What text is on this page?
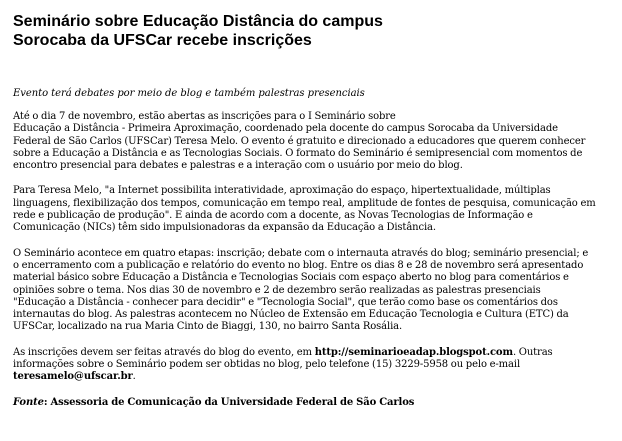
Seminário sobre Educação Distância do campus
Sorocaba da UFSCar recebe inscrições

Evento terá debates por meio de blog e também palestras presenciais

Até o dia 7 de novembro, estão abertas as inscrições para o I Seminário sobre
Educação a Distância - Primeira Aproximação, coordenado pela docente do campus Sorocaba da Universidade
Federal de São Carlos (UFSCar) Teresa Melo. O evento é gratuito e direcionado a educadores que querem conhecer
sobre a Educação a Distância e as Tecnologias Sociais. O formato do Seminário é semipresencial com momentos de
encontro presencial para debates e palestras e a interação com o usuário por meio do blog.

Para Teresa Melo, "a Internet possibilita interatividade, aproximação do espaço, hipertextualidade, múltiplas
linguagens, flexibilização dos tempos, comunicação em tempo real, amplitude de fontes de pesquisa, comunicação em
rede e publicação de produção". E ainda de acordo com a docente, as Novas Tecnologias de Informação e
Comunicação (NICs) têm sido impulsionadoras da expansão da Educação a Distância.

O Seminário acontece em quatro etapas: inscrição; debate com o internauta através do blog; seminário presencial; e
o encerramento com a publicação e relatório do evento no blog. Entre os dias 8 e 28 de novembro será apresentado
material básico sobre Educação a Distância e Tecnologias Sociais com espaço aberto no blog para comentários e
opiniões sobre o tema. Nos dias 30 de novembro e 2 de dezembro serão realizadas as palestras presenciais
"Educação a Distância - conhecer para decidir" e "Tecnologia Social", que terão como base os comentários dos
internautas do blog. As palestras acontecem no Núcleo de Extensão em Educação Tecnologia e Cultura (ETC) da
UFSCar, localizado na rua Maria Cinto de Biaggi, 130, no bairro Santa Rosália.

As inscrições devem ser feitas através do blog do evento, em http://seminarioeadap.blogspot.com. Outras
informações sobre o Seminário podem ser obtidas no blog, pelo telefone (15) 3229-5958 ou pelo e-mail
teresamelo@ufscar.br.

Fonte: Assessoria de Comunicação da Universidade Federal de São Carlos
